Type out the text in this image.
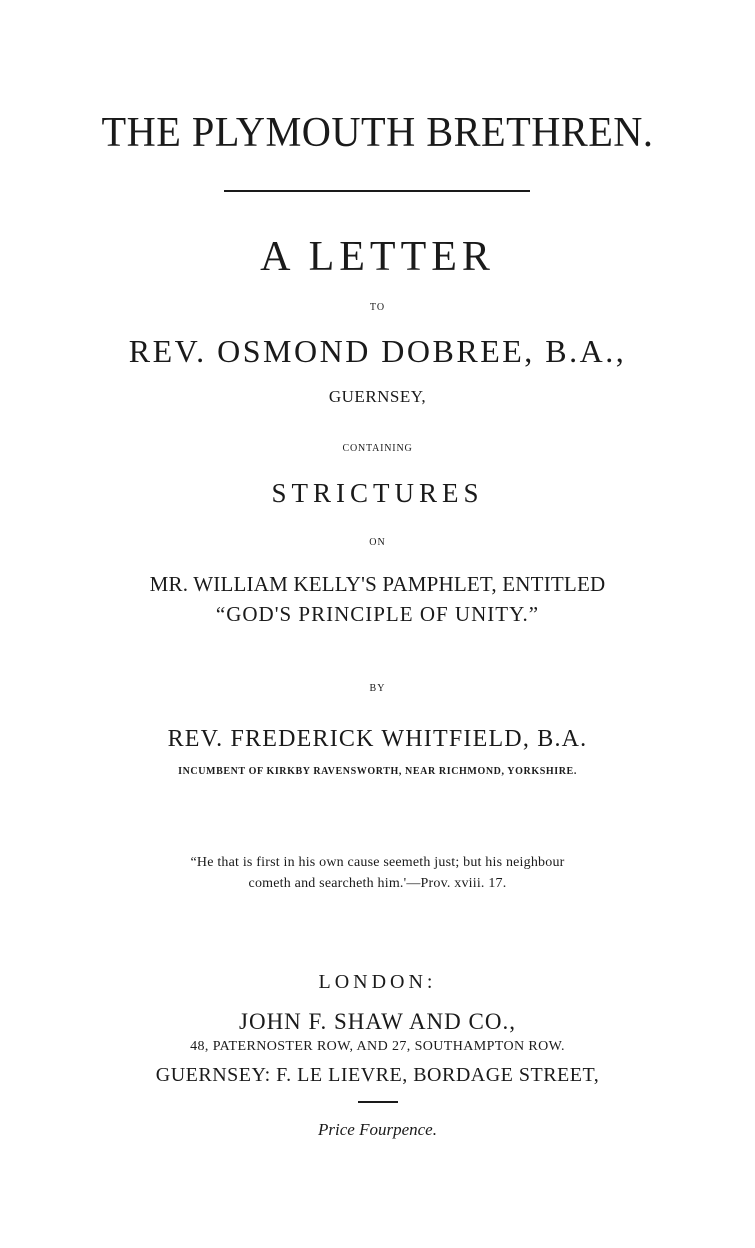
THE PLYMOUTH BRETHREN.
A LETTER
TO
REV. OSMOND DOBREE, B.A.,
GUERNSEY,
CONTAINING
STRICTURES
ON
MR. WILLIAM KELLY'S PAMPHLET, ENTITLED
“GOD'S PRINCIPLE OF UNITY.”
BY
REV. FREDERICK WHITFIELD, B.A.
INCUMBENT OF KIRKBY RAVENSWORTH, NEAR RICHMOND, YORKSHIRE.
“He that is first in his own cause seemeth just; but his neighbour
cometh and searcheth him.'—Prov. xviii. 17.
LONDON:
JOHN F. SHAW AND CO.,
48, PATERNOSTER ROW, AND 27, SOUTHAMPTON ROW.
GUERNSEY: F. LE LIEVRE, BORDAGE STREET,
Price Fourpence.
